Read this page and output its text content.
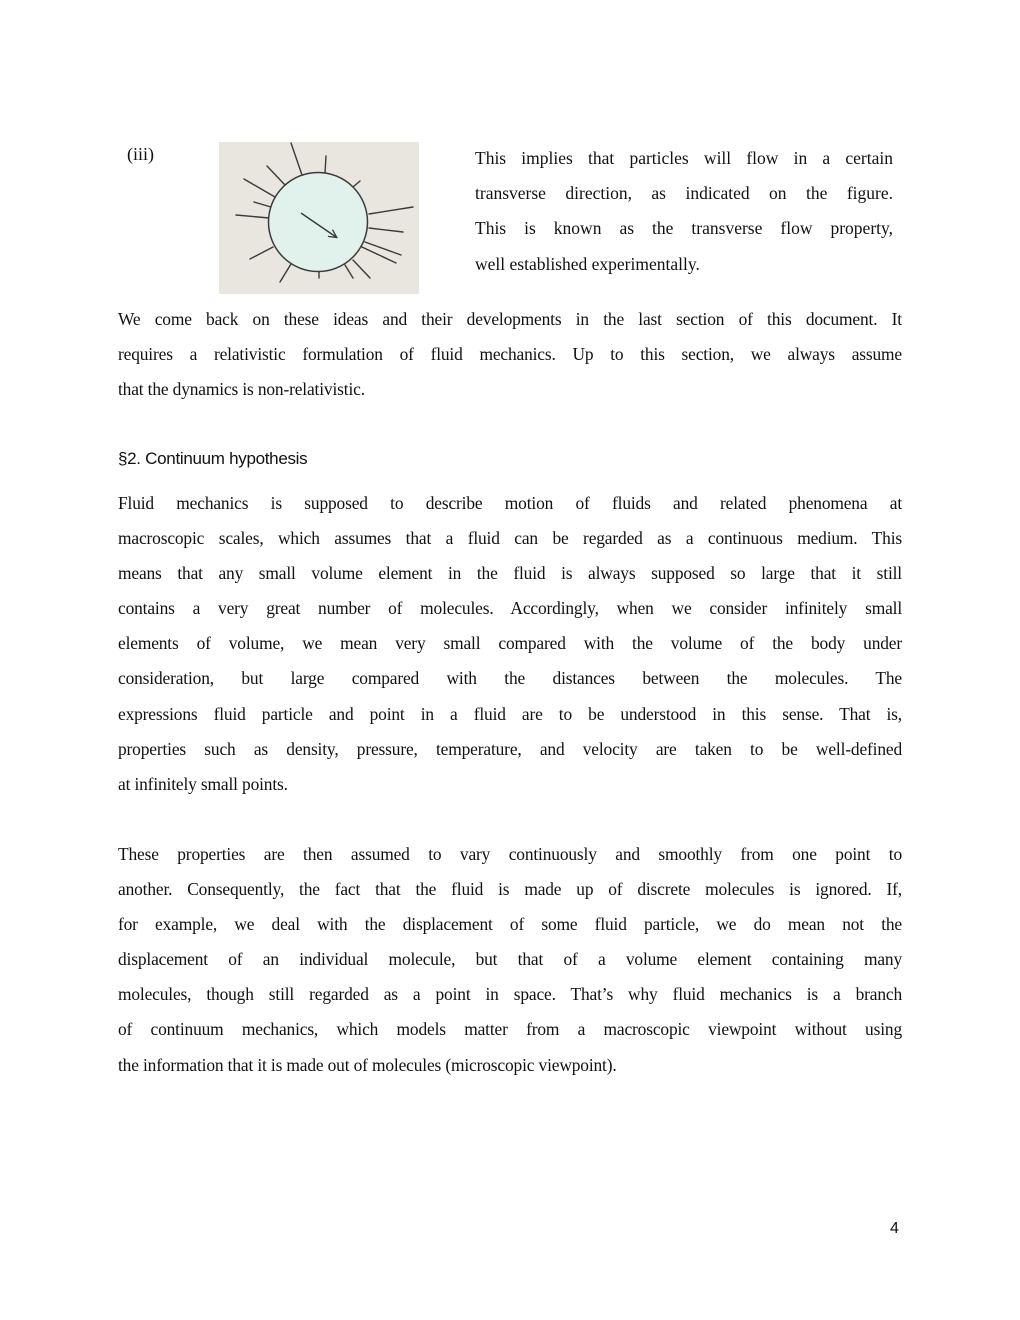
(iii)	This implies that particles will flow in a certain
transverse direction, as indicated on the figure.
This is known as the transverse flow property,
well established experimentally.
We come back on these ideas and their developments in the last section of this document. It
requires a relativistic formulation of fluid mechanics. Up to this section, we always assume
that the dynamics is non-relativistic.
§2. Continuum hypothesis
Fluid mechanics is supposed to describe motion of fluids and related phenomena at
macroscopic scales, which assumes that a fluid can be regarded as a continuous medium. This
means that any small volume element in the fluid is always supposed so large that it still
contains a very great number of molecules. Accordingly, when we consider infinitely small
elements of volume, we mean very small compared with the volume of the body under
consideration, but large compared with the distances between the molecules. The
expressions fluid particle and point in a fluid are to be understood in this sense. That is,
properties such as density, pressure, temperature, and velocity are taken to be well-defined
at infinitely small points.
These properties are then assumed to vary continuously and smoothly from one point to
another. Consequently, the fact that the fluid is made up of discrete molecules is ignored. If,
for example, we deal with the displacement of some fluid particle, we do mean not the
displacement of an individual molecule, but that of a volume element containing many
molecules, though still regarded as a point in space. That’s why fluid mechanics is a branch
of continuum mechanics, which models matter from a macroscopic viewpoint without using
the information that it is made out of molecules (microscopic viewpoint).
4
